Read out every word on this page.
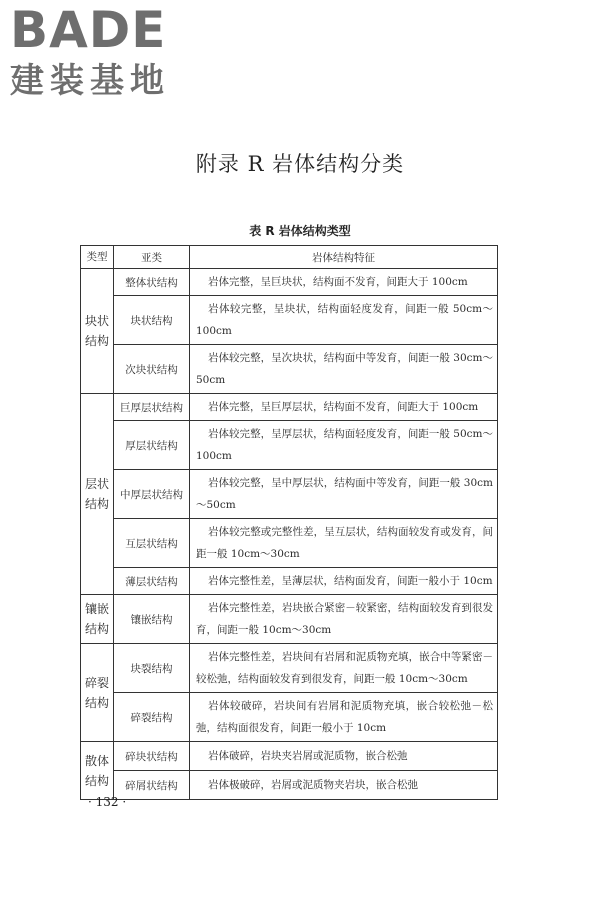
BADE
建装基地
附录 R 岩体结构分类
表 R 岩体结构类型
类型	亚类	岩体结构特征
块状结构	整体状结构	岩体完整，呈巨块状，结构面不发育，间距大于 100cm
	块状结构	岩体较完整，呈块状，结构面轻度发育，间距一般 50cm～100cm
	次块状结构	岩体较完整，呈次块状，结构面中等发育，间距一般 30cm～50cm
层状结构	巨厚层状结构	岩体完整，呈巨厚层状，结构面不发育，间距大于 100cm
	厚层状结构	岩体较完整，呈厚层状，结构面轻度发育，间距一般 50cm～100cm
	中厚层状结构	岩体较完整，呈中厚层状，结构面中等发育，间距一般 30cm～50cm
	互层状结构	岩体较完整或完整性差，呈互层状，结构面较发育或发育，间距一般 10cm～30cm
	薄层状结构	岩体完整性差，呈薄层状，结构面发育，间距一般小于 10cm
镶嵌结构	镶嵌结构	岩体完整性差，岩块嵌合紧密－较紧密，结构面较发育到很发育，间距一般 10cm～30cm
碎裂结构	块裂结构	岩体完整性差，岩块间有岩屑和泥质物充填，嵌合中等紧密－较松弛，结构面较发育到很发育，间距一般 10cm～30cm
	碎裂结构	岩体较破碎，岩块间有岩屑和泥质物充填，嵌合较松弛－松弛，结构面很发育，间距一般小于 10cm
散体结构	碎块状结构	岩体破碎，岩块夹岩屑或泥质物，嵌合松弛
	碎屑状结构	岩体极破碎，岩屑或泥质物夹岩块，嵌合松弛
· 132 ·
